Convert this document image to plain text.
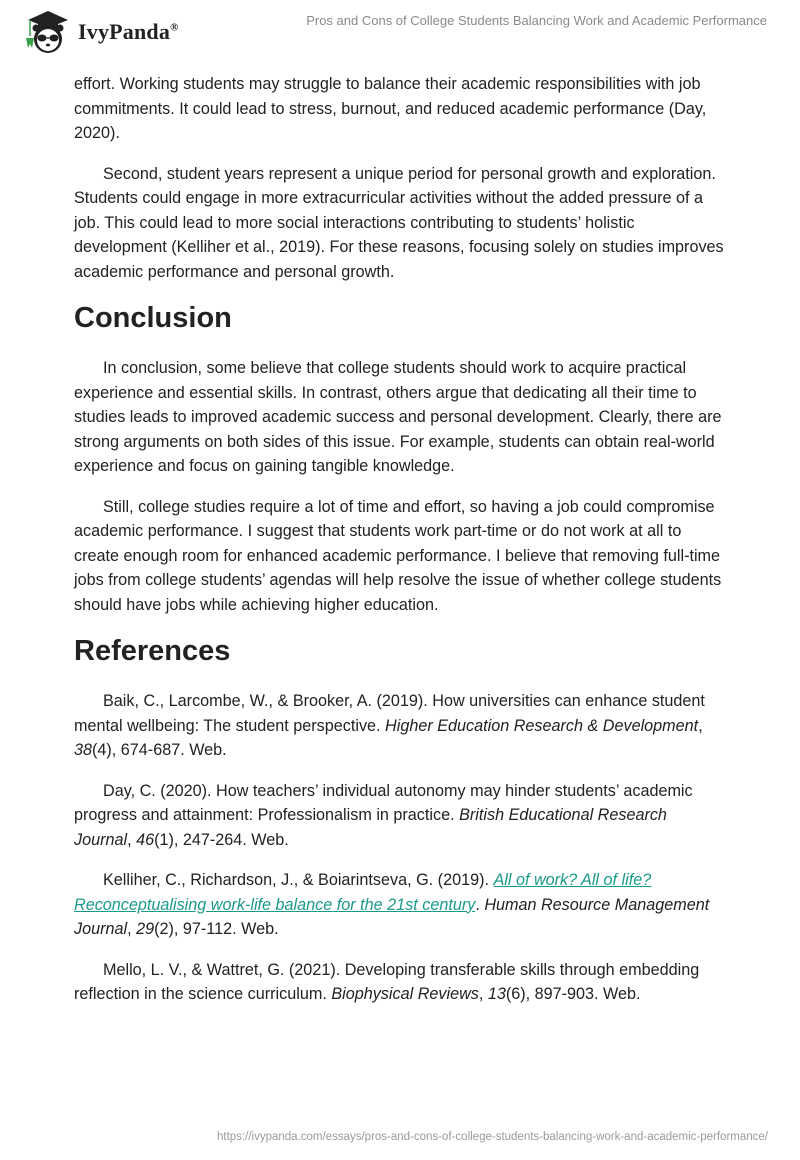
IvyPanda®	Pros and Cons of College Students Balancing Work and Academic Performance

effort. Working students may struggle to balance their academic responsibilities with job commitments. It could lead to stress, burnout, and reduced academic performance (Day, 2020).

Second, student years represent a unique period for personal growth and exploration. Students could engage in more extracurricular activities without the added pressure of a job. This could lead to more social interactions contributing to students’ holistic development (Kelliher et al., 2019). For these reasons, focusing solely on studies improves academic performance and personal growth.

Conclusion

In conclusion, some believe that college students should work to acquire practical experience and essential skills. In contrast, others argue that dedicating all their time to studies leads to improved academic success and personal development. Clearly, there are strong arguments on both sides of this issue. For example, students can obtain real-world experience and focus on gaining tangible knowledge.

Still, college studies require a lot of time and effort, so having a job could compromise academic performance. I suggest that students work part-time or do not work at all to create enough room for enhanced academic performance. I believe that removing full-time jobs from college students’ agendas will help resolve the issue of whether college students should have jobs while achieving higher education.

References

Baik, C., Larcombe, W., & Brooker, A. (2019). How universities can enhance student mental wellbeing: The student perspective. Higher Education Research & Development, 38(4), 674-687. Web.

Day, C. (2020). How teachers’ individual autonomy may hinder students’ academic progress and attainment: Professionalism in practice. British Educational Research Journal, 46(1), 247-264. Web.

Kelliher, C., Richardson, J., & Boiarintseva, G. (2019). All of work? All of life? Reconceptualising work-life balance for the 21st century. Human Resource Management Journal, 29(2), 97-112. Web.

Mello, L. V., & Wattret, G. (2021). Developing transferable skills through embedding reflection in the science curriculum. Biophysical Reviews, 13(6), 897-903. Web.

https://ivypanda.com/essays/pros-and-cons-of-college-students-balancing-work-and-academic-performance/
